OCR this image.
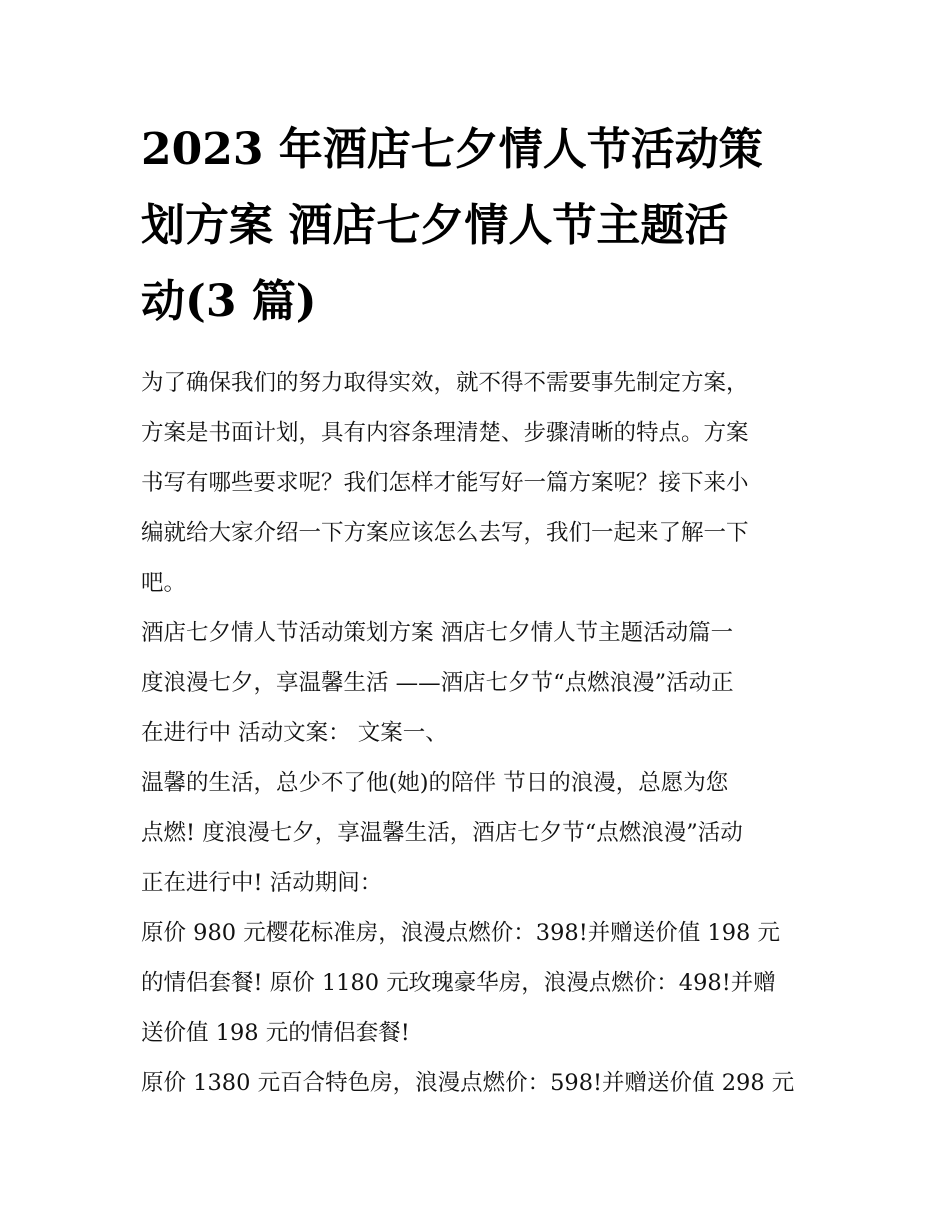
2023 年酒店七夕情人节活动策
划方案 酒店七夕情人节主题活
动(3 篇)
为了确保我们的努力取得实效，就不得不需要事先制定方案，
方案是书面计划，具有内容条理清楚、步骤清晰的特点。方案
书写有哪些要求呢？我们怎样才能写好一篇方案呢？接下来小
编就给大家介绍一下方案应该怎么去写，我们一起来了解一下
吧。
酒店七夕情人节活动策划方案 酒店七夕情人节主题活动篇一
度浪漫七夕，享温馨生活 ——酒店七夕节“点燃浪漫”活动正
在进行中 活动文案： 文案一、
温馨的生活，总少不了他(她)的陪伴 节日的浪漫，总愿为您
点燃! 度浪漫七夕，享温馨生活，酒店七夕节“点燃浪漫”活动
正在进行中! 活动期间：
原价 980 元樱花标准房，浪漫点燃价：398!并赠送价值 198 元
的情侣套餐! 原价 1180 元玫瑰豪华房，浪漫点燃价：498!并赠
送价值 198 元的情侣套餐!
原价 1380 元百合特色房，浪漫点燃价：598!并赠送价值 298 元
